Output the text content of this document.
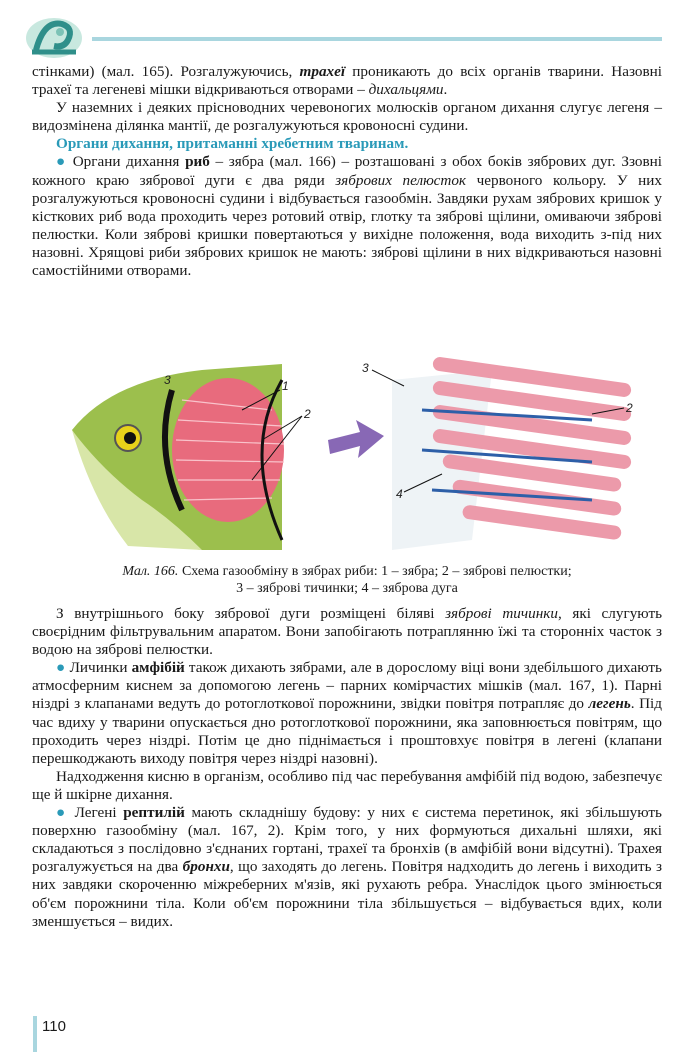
стінками) (мал. 165). Розгалужуючись, трахеї проникають до всіх органів тварини. Назовні трахеї та легеневі мішки відкриваються отворами – дихальцями.

У наземних і деяких прісноводних черевоногих молюсків органом дихання слугує легеня – видозмінена ділянка мантії, де розгалужуються кровоносні судини.

Органи дихання, притаманні хребетним тваринам.

● Органи дихання риб – зябра (мал. 166) – розташовані з обох боків зябрових дуг. Ззовні кожного краю зябрової дуги є два ряди зябрових пелюсток червоного кольору. У них розгалужуються кровоносні судини і відбувається газообмін. Завдяки рухам зябрових кришок у кісткових риб вода проходить через ротовий отвір, глотку та зяброві щілини, омиваючи зяброві пелюстки. Коли зяброві кришки повертаються у вихідне положення, вода виходить з-під них назовні. Хрящові риби зябрових кришок не мають: зяброві щілини в них відкриваються назовні самостійними отворами.

3	1
2
3
2
4
Мал. 166. Схема газообміну в зябрах риби: 1 – зябра; 2 – зяброві пелюстки;
3 – зяброві тичинки; 4 – зяброва дуга

З внутрішнього боку зябрової дуги розміщені біляві зяброві тичинки, які слугують своєрідним фільтрувальним апаратом. Вони запобігають потраплянню їжі та сторонніх часток з водою на зяброві пелюстки.

● Личинки амфібій також дихають зябрами, але в дорослому віці вони здебільшого дихають атмосферним киснем за допомогою легень – парних комірчастих мішків (мал. 167, 1). Парні ніздрі з клапанами ведуть до ротоглоткової порожнини, звідки повітря потрапляє до легень. Під час вдиху у тварини опускається дно ротоглоткової порожнини, яка заповнюється повітрям, що проходить через ніздрі. Потім це дно піднімається і проштовхує повітря в легені (клапани перешкоджають виходу повітря через ніздрі назовні).

Надходження кисню в організм, особливо під час перебування амфібій під водою, забезпечує ще й шкірне дихання.

● Легені рептилій мають складнішу будову: у них є система перетинок, які збільшують поверхню газообміну (мал. 167, 2). Крім того, у них формуються дихальні шляхи, які складаються з послідовно з'єднаних гортані, трахеї та бронхів (в амфібій вони відсутні). Трахея розгалужується на два бронхи, що заходять до легень. Повітря надходить до легень і виходить з них завдяки скороченню міжреберних м'язів, які рухають ребра. Унаслідок цього змінюється об'єм порожнини тіла. Коли об'єм порожнини тіла збільшується – відбувається вдих, коли зменшується – видих.

110
